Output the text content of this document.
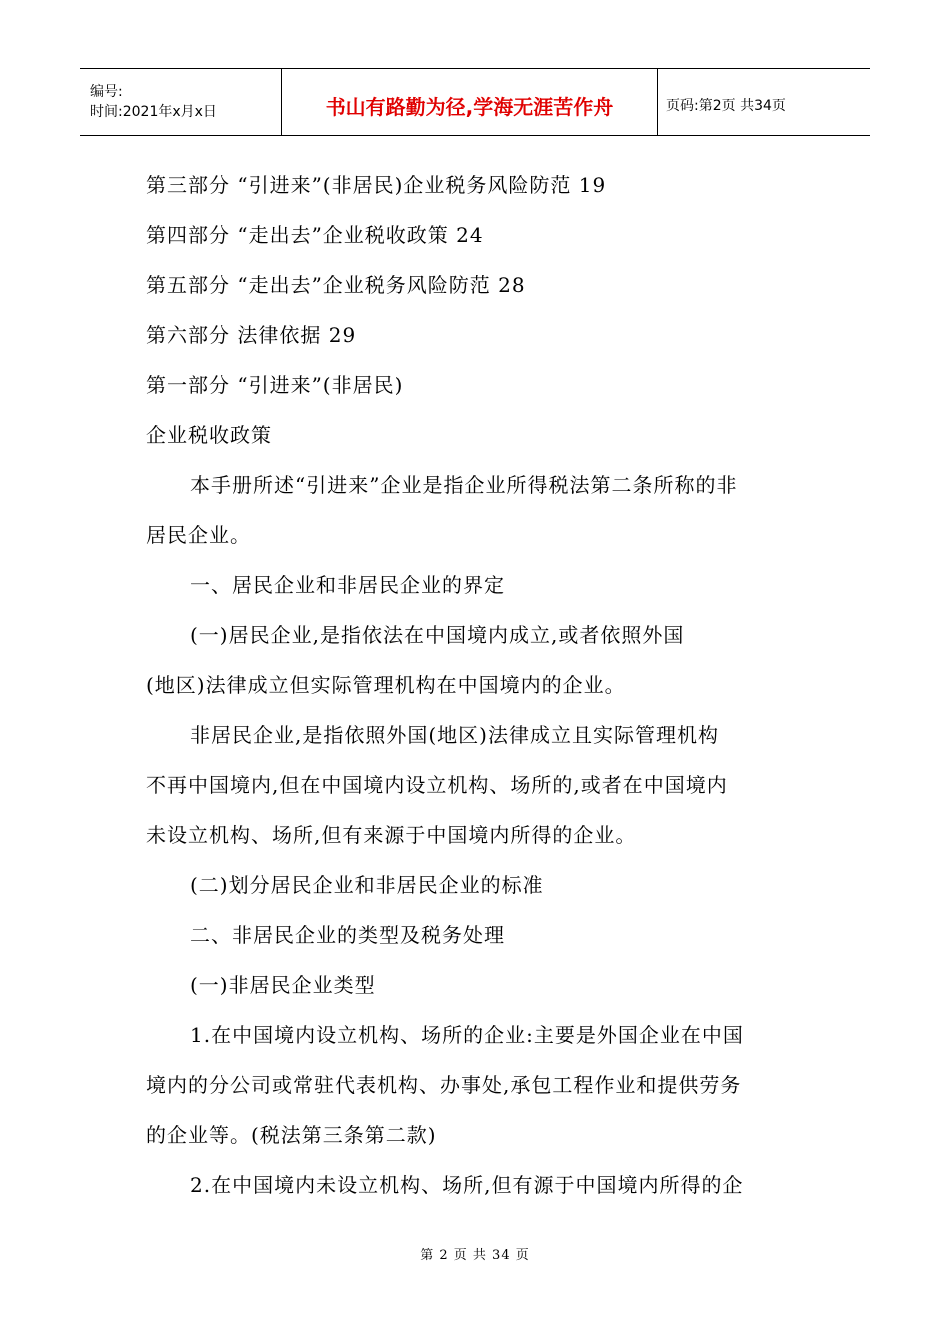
编号:
时间:2021年x月x日	书山有路勤为径,学海无涯苦作舟	页码:第2页 共34页

第三部分 “引进来”(非居民)企业税务风险防范 19

第四部分 “走出去”企业税收政策 24

第五部分 “走出去”企业税务风险防范 28

第六部分 法律依据 29

第一部分 “引进来”(非居民)

企业税收政策

本手册所述“引进来”企业是指企业所得税法第二条所称的非

居民企业。

一、居民企业和非居民企业的界定

(一)居民企业,是指依法在中国境内成立,或者依照外国

(地区)法律成立但实际管理机构在中国境内的企业。

非居民企业,是指依照外国(地区)法律成立且实际管理机构

不再中国境内,但在中国境内设立机构、场所的,或者在中国境内

未设立机构、场所,但有来源于中国境内所得的企业。

(二)划分居民企业和非居民企业的标准

二、非居民企业的类型及税务处理

(一)非居民企业类型

1.在中国境内设立机构、场所的企业:主要是外国企业在中国

境内的分公司或常驻代表机构、办事处,承包工程作业和提供劳务

的企业等。(税法第三条第二款)

2.在中国境内未设立机构、场所,但有源于中国境内所得的企

第 2 页 共 34 页
